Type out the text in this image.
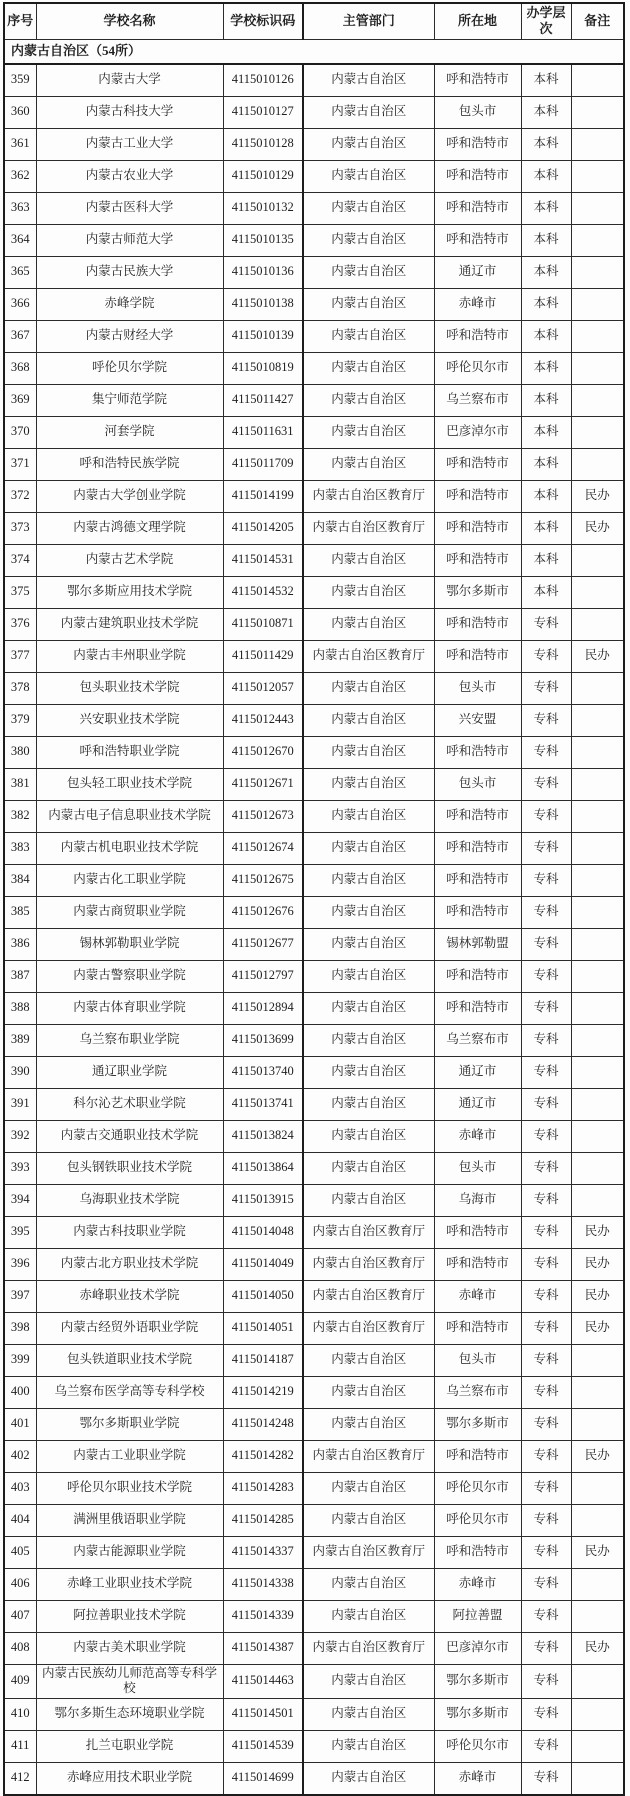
序号	学校名称	学校标识码	主管部门	所在地	办学层次	备注
内蒙古自治区（54所）						
359	内蒙古大学	4115010126	内蒙古自治区	呼和浩特市	本科	
360	内蒙古科技大学	4115010127	内蒙古自治区	包头市	本科	
361	内蒙古工业大学	4115010128	内蒙古自治区	呼和浩特市	本科	
362	内蒙古农业大学	4115010129	内蒙古自治区	呼和浩特市	本科	
363	内蒙古医科大学	4115010132	内蒙古自治区	呼和浩特市	本科	
364	内蒙古师范大学	4115010135	内蒙古自治区	呼和浩特市	本科	
365	内蒙古民族大学	4115010136	内蒙古自治区	通辽市	本科	
366	赤峰学院	4115010138	内蒙古自治区	赤峰市	本科	
367	内蒙古财经大学	4115010139	内蒙古自治区	呼和浩特市	本科	
368	呼伦贝尔学院	4115010819	内蒙古自治区	呼伦贝尔市	本科	
369	集宁师范学院	4115011427	内蒙古自治区	乌兰察布市	本科	
370	河套学院	4115011631	内蒙古自治区	巴彦淖尔市	本科	
371	呼和浩特民族学院	4115011709	内蒙古自治区	呼和浩特市	本科	
372	内蒙古大学创业学院	4115014199	内蒙古自治区教育厅	呼和浩特市	本科	民办
373	内蒙古鸿德文理学院	4115014205	内蒙古自治区教育厅	呼和浩特市	本科	民办
374	内蒙古艺术学院	4115014531	内蒙古自治区	呼和浩特市	本科	
375	鄂尔多斯应用技术学院	4115014532	内蒙古自治区	鄂尔多斯市	本科	
376	内蒙古建筑职业技术学院	4115010871	内蒙古自治区	呼和浩特市	专科	
377	内蒙古丰州职业学院	4115011429	内蒙古自治区教育厅	呼和浩特市	专科	民办
378	包头职业技术学院	4115012057	内蒙古自治区	包头市	专科	
379	兴安职业技术学院	4115012443	内蒙古自治区	兴安盟	专科	
380	呼和浩特职业学院	4115012670	内蒙古自治区	呼和浩特市	专科	
381	包头轻工职业技术学院	4115012671	内蒙古自治区	包头市	专科	
382	内蒙古电子信息职业技术学院	4115012673	内蒙古自治区	呼和浩特市	专科	
383	内蒙古机电职业技术学院	4115012674	内蒙古自治区	呼和浩特市	专科	
384	内蒙古化工职业学院	4115012675	内蒙古自治区	呼和浩特市	专科	
385	内蒙古商贸职业学院	4115012676	内蒙古自治区	呼和浩特市	专科	
386	锡林郭勒职业学院	4115012677	内蒙古自治区	锡林郭勒盟	专科	
387	内蒙古警察职业学院	4115012797	内蒙古自治区	呼和浩特市	专科	
388	内蒙古体育职业学院	4115012894	内蒙古自治区	呼和浩特市	专科	
389	乌兰察布职业学院	4115013699	内蒙古自治区	乌兰察布市	专科	
390	通辽职业学院	4115013740	内蒙古自治区	通辽市	专科	
391	科尔沁艺术职业学院	4115013741	内蒙古自治区	通辽市	专科	
392	内蒙古交通职业技术学院	4115013824	内蒙古自治区	赤峰市	专科	
393	包头钢铁职业技术学院	4115013864	内蒙古自治区	包头市	专科	
394	乌海职业技术学院	4115013915	内蒙古自治区	乌海市	专科	
395	内蒙古科技职业学院	4115014048	内蒙古自治区教育厅	呼和浩特市	专科	民办
396	内蒙古北方职业技术学院	4115014049	内蒙古自治区教育厅	呼和浩特市	专科	民办
397	赤峰职业技术学院	4115014050	内蒙古自治区教育厅	赤峰市	专科	民办
398	内蒙古经贸外语职业学院	4115014051	内蒙古自治区教育厅	呼和浩特市	专科	民办
399	包头铁道职业技术学院	4115014187	内蒙古自治区	包头市	专科	
400	乌兰察布医学高等专科学校	4115014219	内蒙古自治区	乌兰察布市	专科	
401	鄂尔多斯职业学院	4115014248	内蒙古自治区	鄂尔多斯市	专科	
402	内蒙古工业职业学院	4115014282	内蒙古自治区教育厅	呼和浩特市	专科	民办
403	呼伦贝尔职业技术学院	4115014283	内蒙古自治区	呼伦贝尔市	专科	
404	满洲里俄语职业学院	4115014285	内蒙古自治区	呼伦贝尔市	专科	
405	内蒙古能源职业学院	4115014337	内蒙古自治区教育厅	呼和浩特市	专科	民办
406	赤峰工业职业技术学院	4115014338	内蒙古自治区	赤峰市	专科	
407	阿拉善职业技术学院	4115014339	内蒙古自治区	阿拉善盟	专科	
408	内蒙古美术职业学院	4115014387	内蒙古自治区教育厅	巴彦淖尔市	专科	民办
409	内蒙古民族幼儿师范高等专科学校	4115014463	内蒙古自治区	鄂尔多斯市	专科	
410	鄂尔多斯生态环境职业学院	4115014501	内蒙古自治区	鄂尔多斯市	专科	
411	扎兰屯职业学院	4115014539	内蒙古自治区	呼伦贝尔市	专科	
412	赤峰应用技术职业学院	4115014699	内蒙古自治区	赤峰市	专科	
